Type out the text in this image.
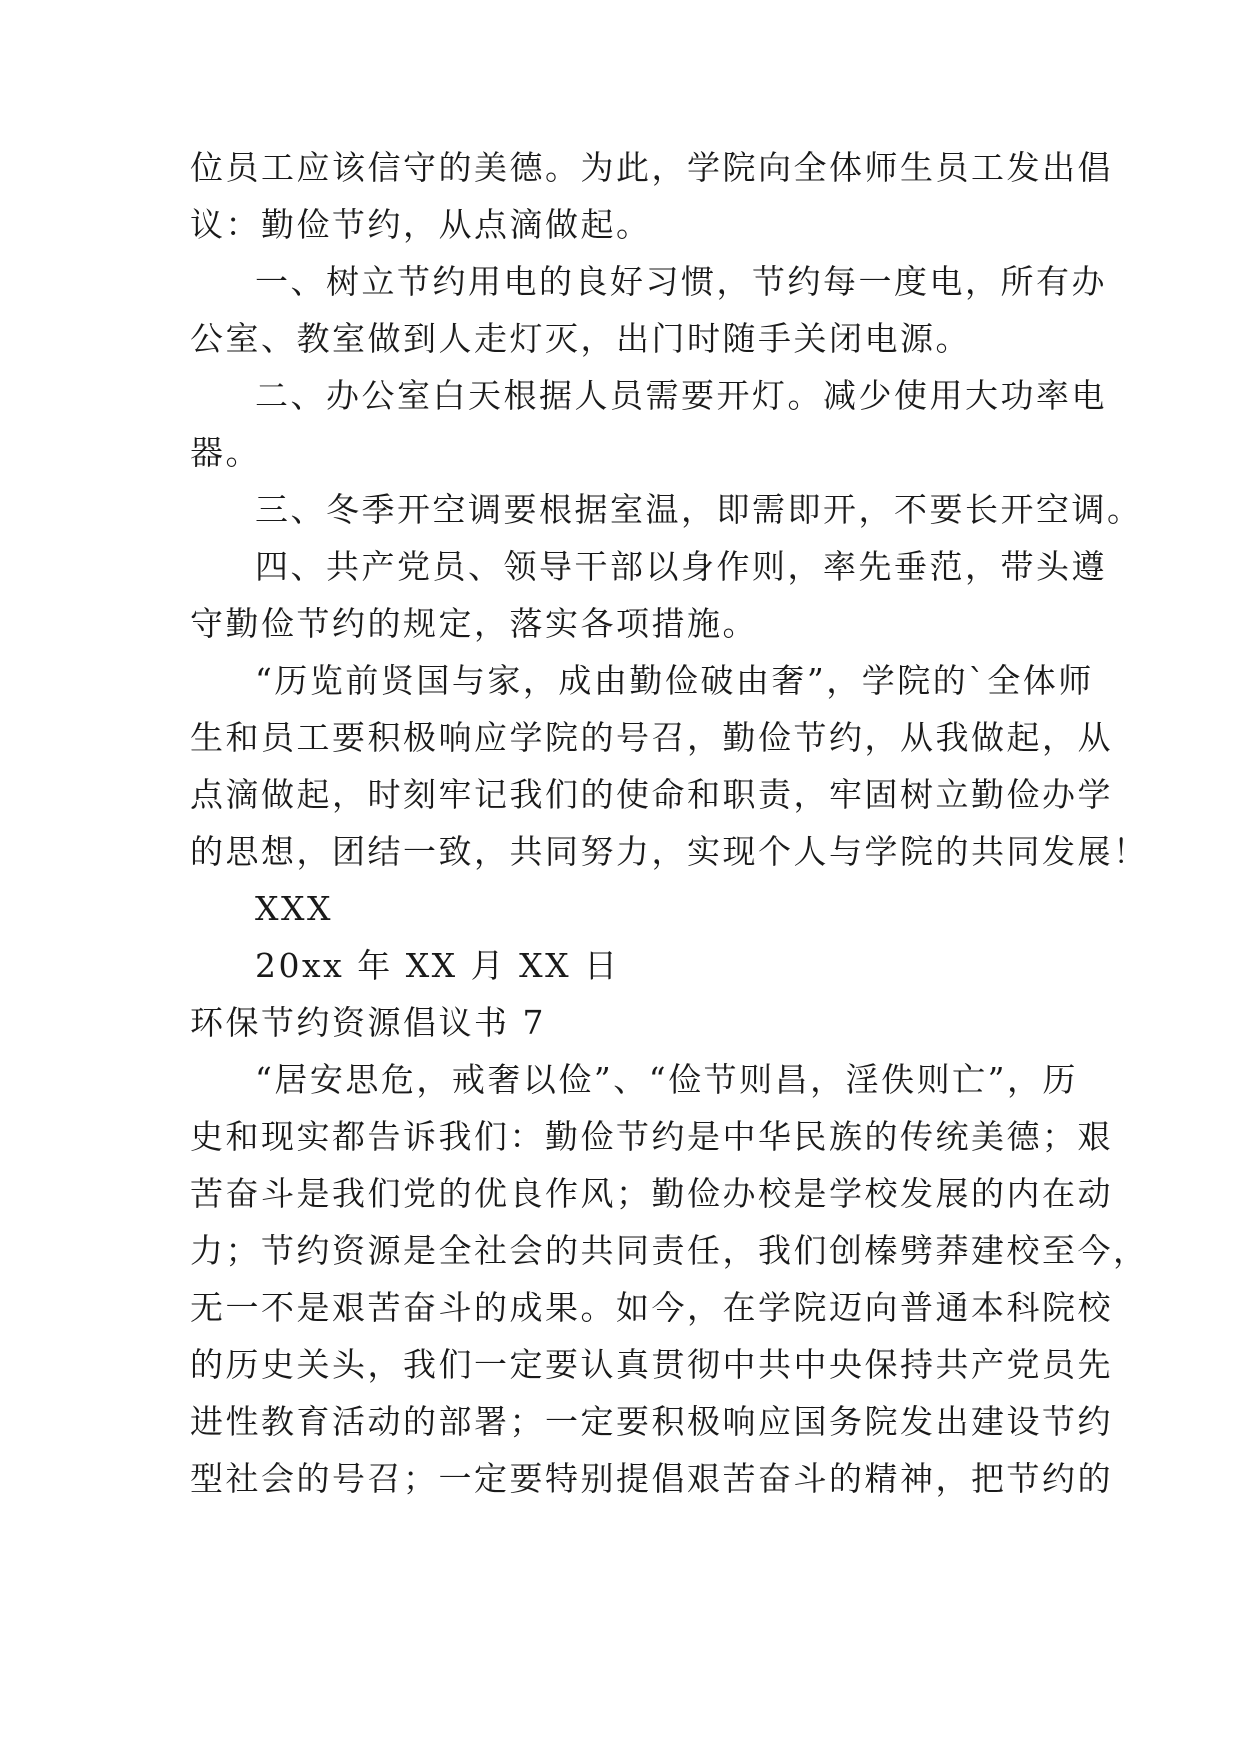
位员工应该信守的美德。为此，学院向全体师生员工发出倡
议：勤俭节约，从点滴做起。
一、树立节约用电的良好习惯，节约每一度电，所有办
公室、教室做到人走灯灭，出门时随手关闭电源。
二、办公室白天根据人员需要开灯。减少使用大功率电
器。
三、冬季开空调要根据室温，即需即开，不要长开空调。
四、共产党员、领导干部以身作则，率先垂范，带头遵
守勤俭节约的规定，落实各项措施。
“历览前贤国与家，成由勤俭破由奢”，学院的`全体师
生和员工要积极响应学院的号召，勤俭节约，从我做起，从
点滴做起，时刻牢记我们的使命和职责，牢固树立勤俭办学
的思想，团结一致，共同努力，实现个人与学院的共同发展！
XXX
20xx 年 XX 月 XX 日
环保节约资源倡议书 7
“居安思危，戒奢以俭”、“俭节则昌，淫佚则亡”，历
史和现实都告诉我们：勤俭节约是中华民族的传统美德；艰
苦奋斗是我们党的优良作风；勤俭办校是学校发展的内在动
力；节约资源是全社会的共同责任，我们创榛劈莽建校至今，
无一不是艰苦奋斗的成果。如今，在学院迈向普通本科院校
的历史关头，我们一定要认真贯彻中共中央保持共产党员先
进性教育活动的部署；一定要积极响应国务院发出建设节约
型社会的号召；一定要特别提倡艰苦奋斗的精神，把节约的
